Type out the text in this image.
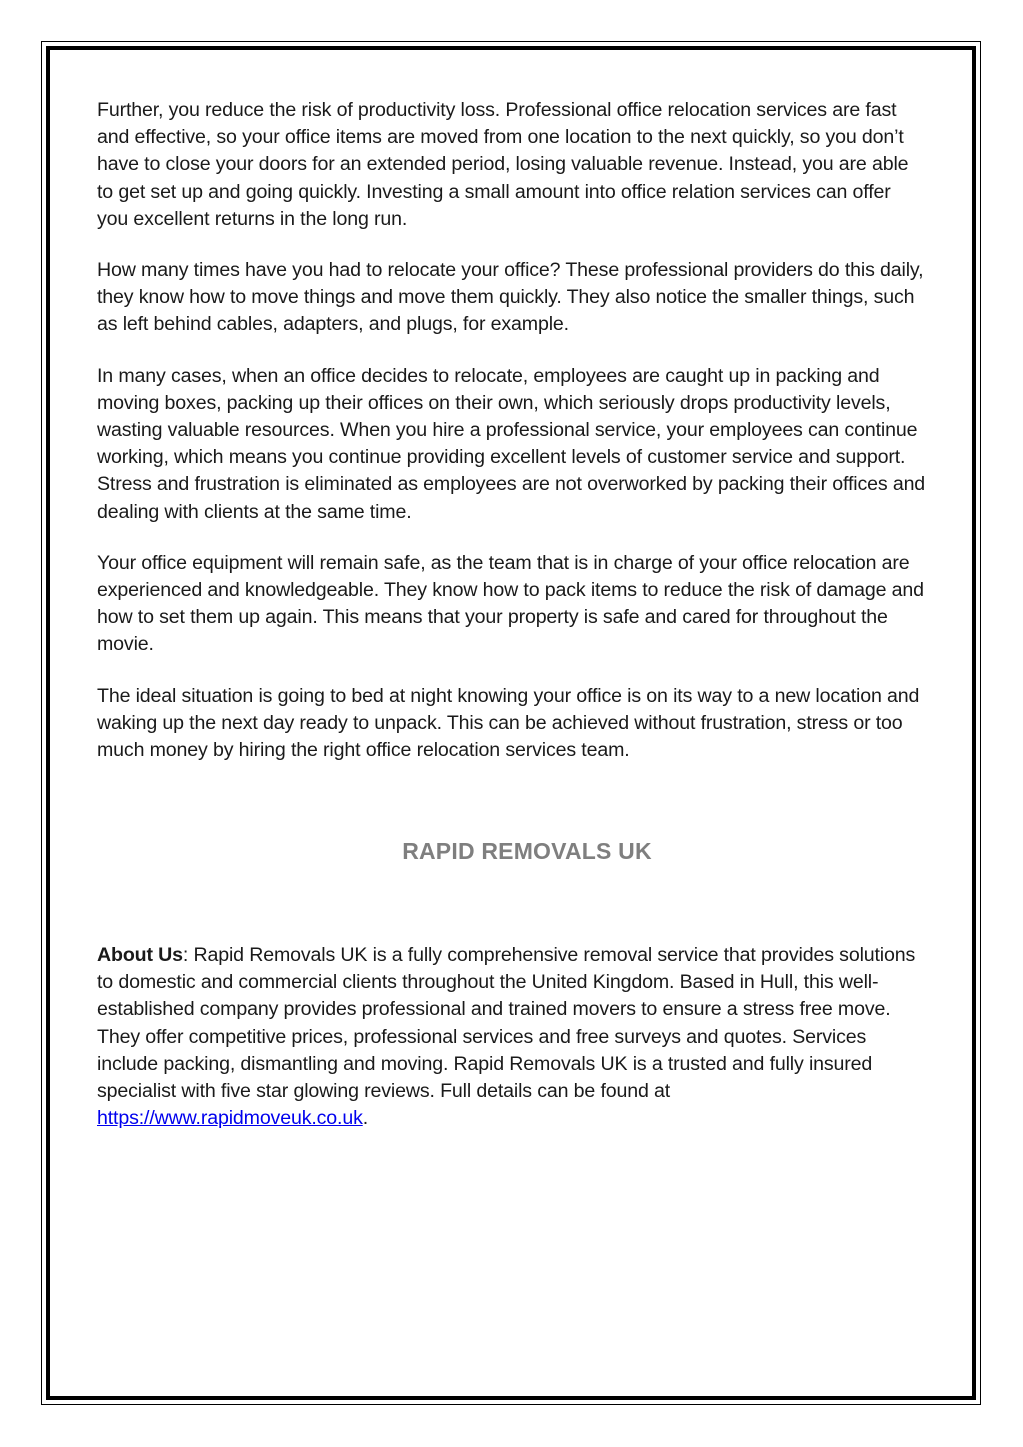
Further, you reduce the risk of productivity loss. Professional office relocation services are fast and effective, so your office items are moved from one location to the next quickly, so you don’t have to close your doors for an extended period, losing valuable revenue. Instead, you are able to get set up and going quickly. Investing a small amount into office relation services can offer you excellent returns in the long run.

How many times have you had to relocate your office? These professional providers do this daily, they know how to move things and move them quickly. They also notice the smaller things, such as left behind cables, adapters, and plugs, for example.

In many cases, when an office decides to relocate, employees are caught up in packing and moving boxes, packing up their offices on their own, which seriously drops productivity levels, wasting valuable resources. When you hire a professional service, your employees can continue working, which means you continue providing excellent levels of customer service and support. Stress and frustration is eliminated as employees are not overworked by packing their offices and dealing with clients at the same time.

Your office equipment will remain safe, as the team that is in charge of your office relocation are experienced and knowledgeable. They know how to pack items to reduce the risk of damage and how to set them up again. This means that your property is safe and cared for throughout the movie.

The ideal situation is going to bed at night knowing your office is on its way to a new location and waking up the next day ready to unpack. This can be achieved without frustration, stress or too much money by hiring the right office relocation services team.

RAPID REMOVALS UK

About Us: Rapid Removals UK is a fully comprehensive removal service that provides solutions to domestic and commercial clients throughout the United Kingdom. Based in Hull, this well-established company provides professional and trained movers to ensure a stress free move. They offer competitive prices, professional services and free surveys and quotes. Services include packing, dismantling and moving. Rapid Removals UK is a trusted and fully insured specialist with five star glowing reviews. Full details can be found at https://www.rapidmoveuk.co.uk.
